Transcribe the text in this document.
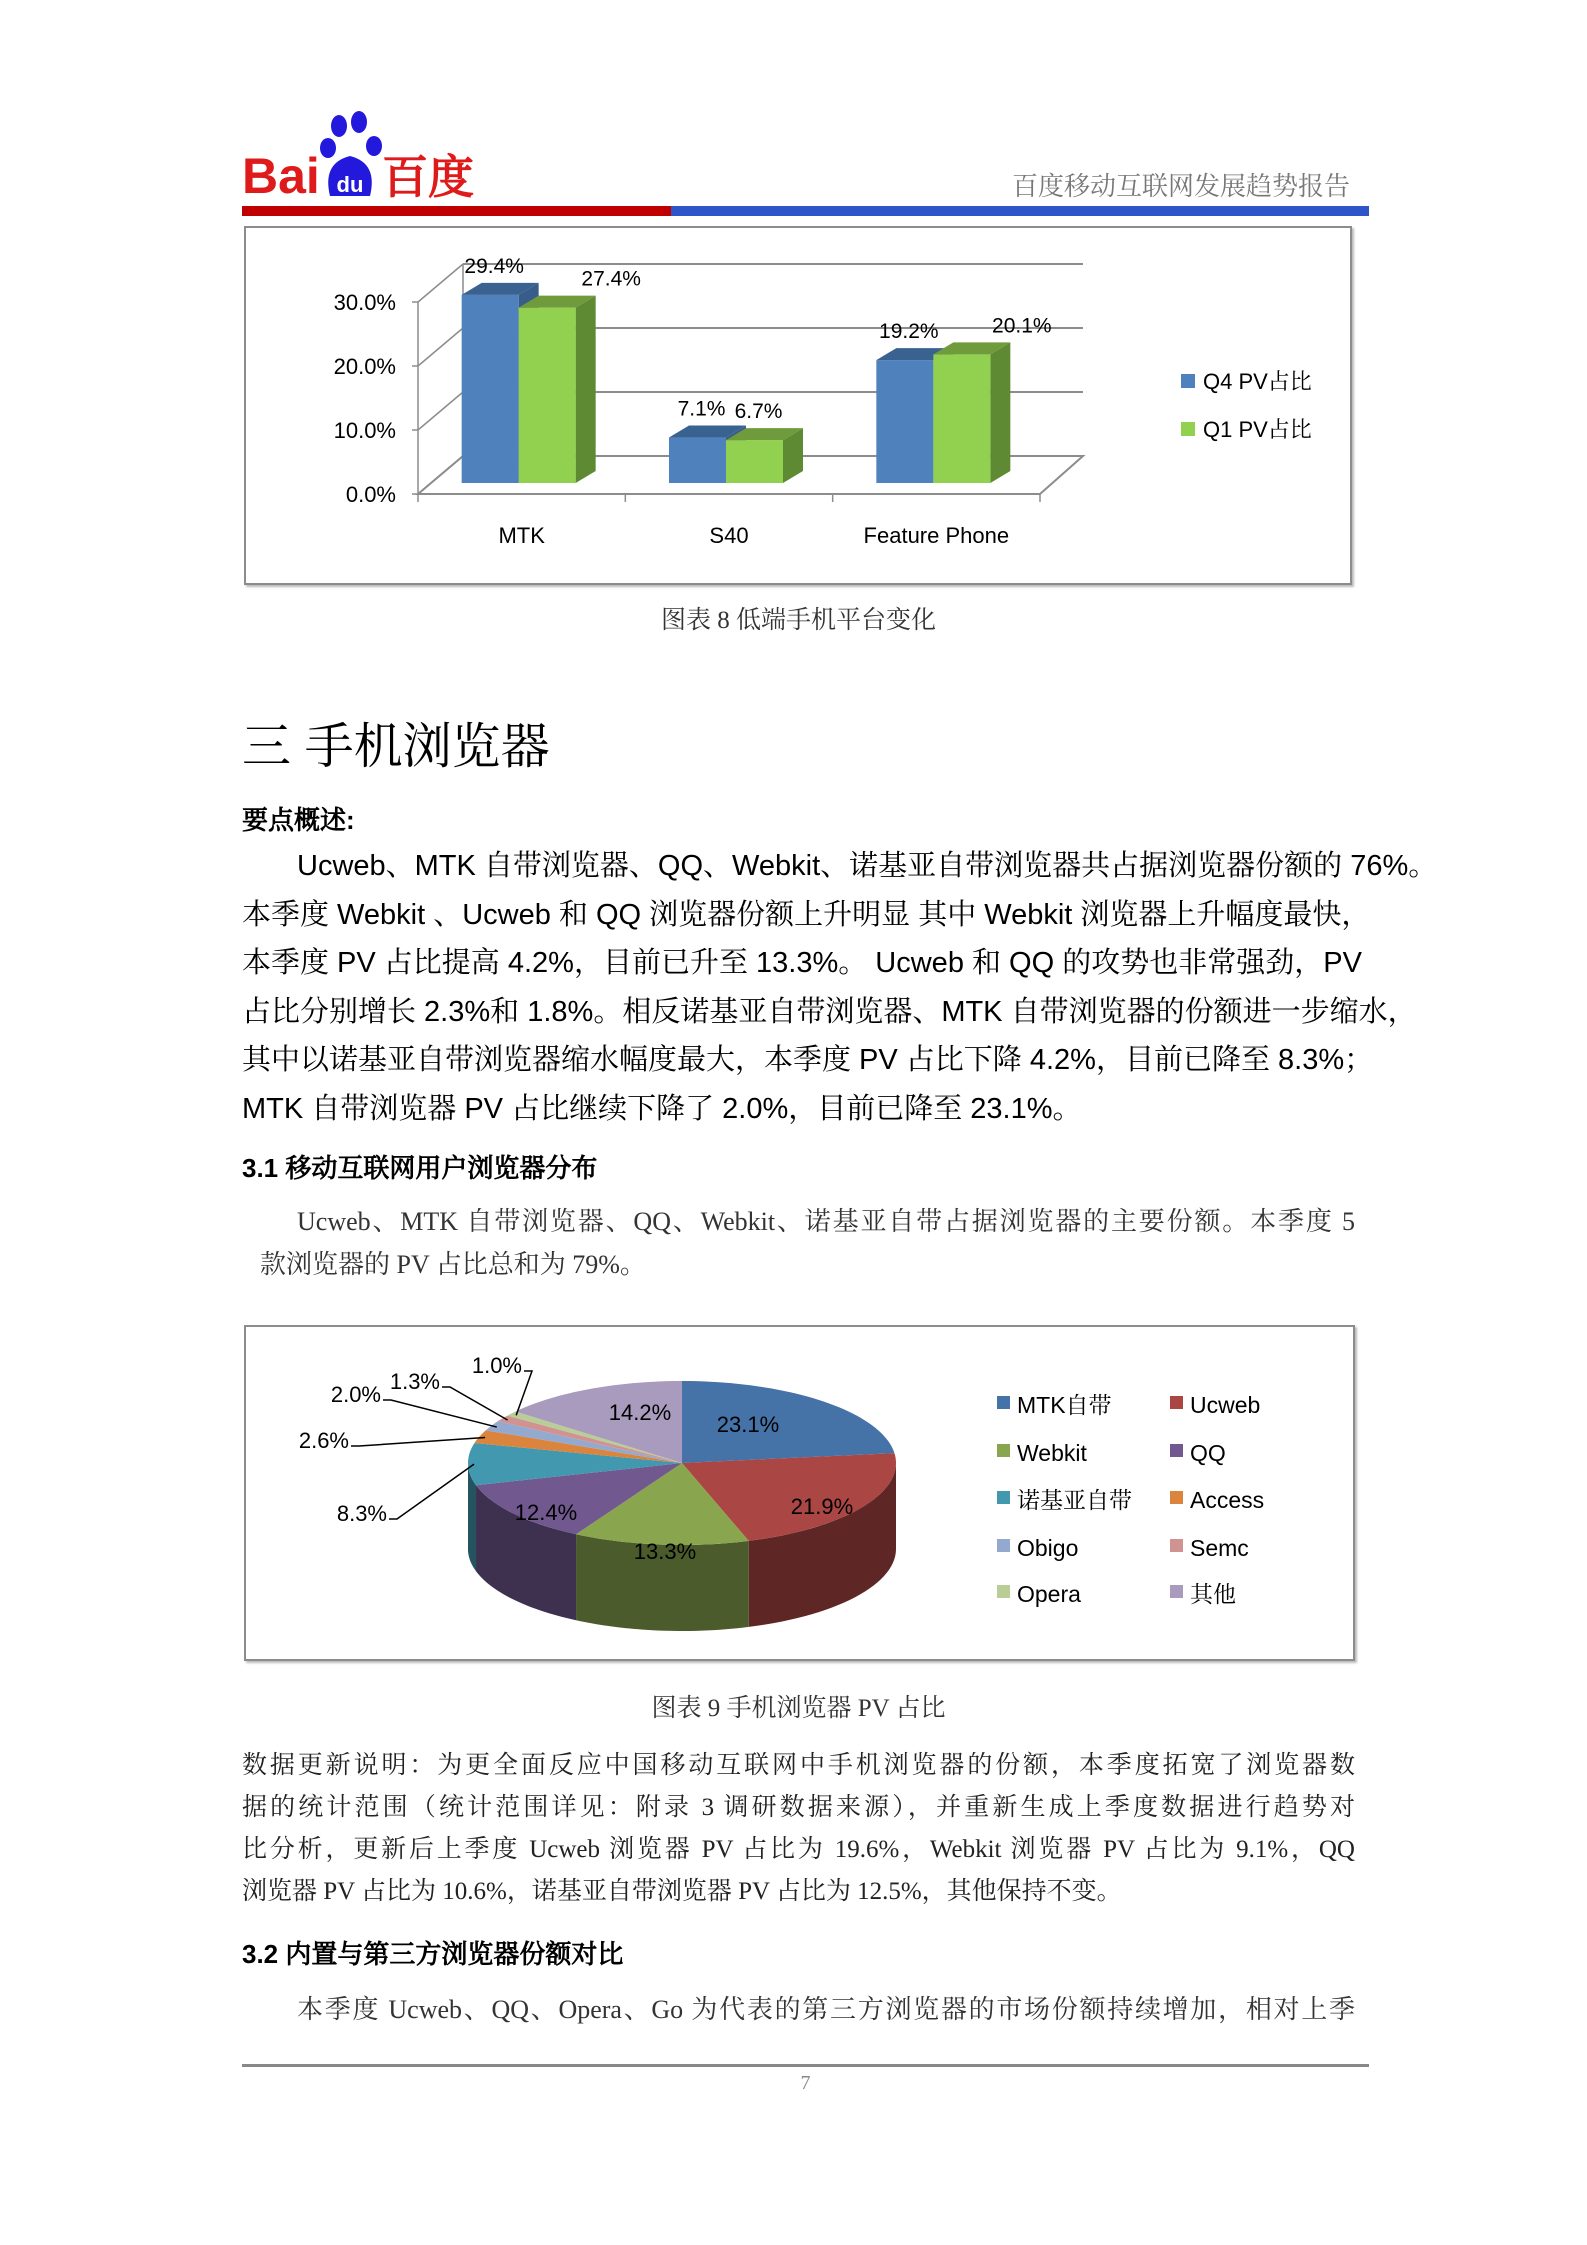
Bai du 百度	百度移动互联网发展趋势报告
0.0%
10.0%
20.0%
30.0%
29.4%
27.4%
MTK
7.1% 6.7%
S40
19.2%	20.1%
Feature Phone
Q4 PV占比
Q1 PV占比
图表 8 低端手机平台变化
三 手机浏览器
要点概述:
Ucweb、MTK 自带浏览器、QQ、Webkit、诺基亚自带浏览器共占据浏览器份额的 76%。
本季度 Webkit 、Ucweb 和 QQ 浏览器份额上升明显 其中 Webkit 浏览器上升幅度最快，
本季度 PV 占比提高 4.2%，目前已升至 13.3%。 Ucweb 和 QQ 的攻势也非常强劲，PV
占比分别增长 2.3%和 1.8%。相反诺基亚自带浏览器、MTK 自带浏览器的份额进一步缩水，
其中以诺基亚自带浏览器缩水幅度最大，本季度 PV 占比下降 4.2%，目前已降至 8.3%；
MTK 自带浏览器 PV 占比继续下降了 2.0%，目前已降至 23.1%。
3.1 移动互联网用户浏览器分布
Ucweb、MTK 自带浏览器、QQ、Webkit、诺基亚自带占据浏览器的主要份额。本季度 5
款浏览器的 PV 占比总和为 79%。
23.1%
21.9%
13.3%
12.4%
8.3%
2.6%
2.0%
1.3%
1.0%
14.2%	MTK自带	Ucweb
Webkit	QQ
诺基亚自带	Access
Obigo	Semc
Opera	其他
图表 9 手机浏览器 PV 占比
数据更新说明：为更全面反应中国移动互联网中手机浏览器的份额，本季度拓宽了浏览器数
据的统计范围（统计范围详见：附录 3 调研数据来源），并重新生成上季度数据进行趋势对
比分析，更新后上季度 Ucweb 浏览器 PV 占比为 19.6%，Webkit 浏览器 PV 占比为 9.1%，QQ
浏览器 PV 占比为 10.6%，诺基亚自带浏览器 PV 占比为 12.5%，其他保持不变。
3.2 内置与第三方浏览器份额对比
本季度 Ucweb、QQ、Opera、Go 为代表的第三方浏览器的市场份额持续增加，相对上季
7
